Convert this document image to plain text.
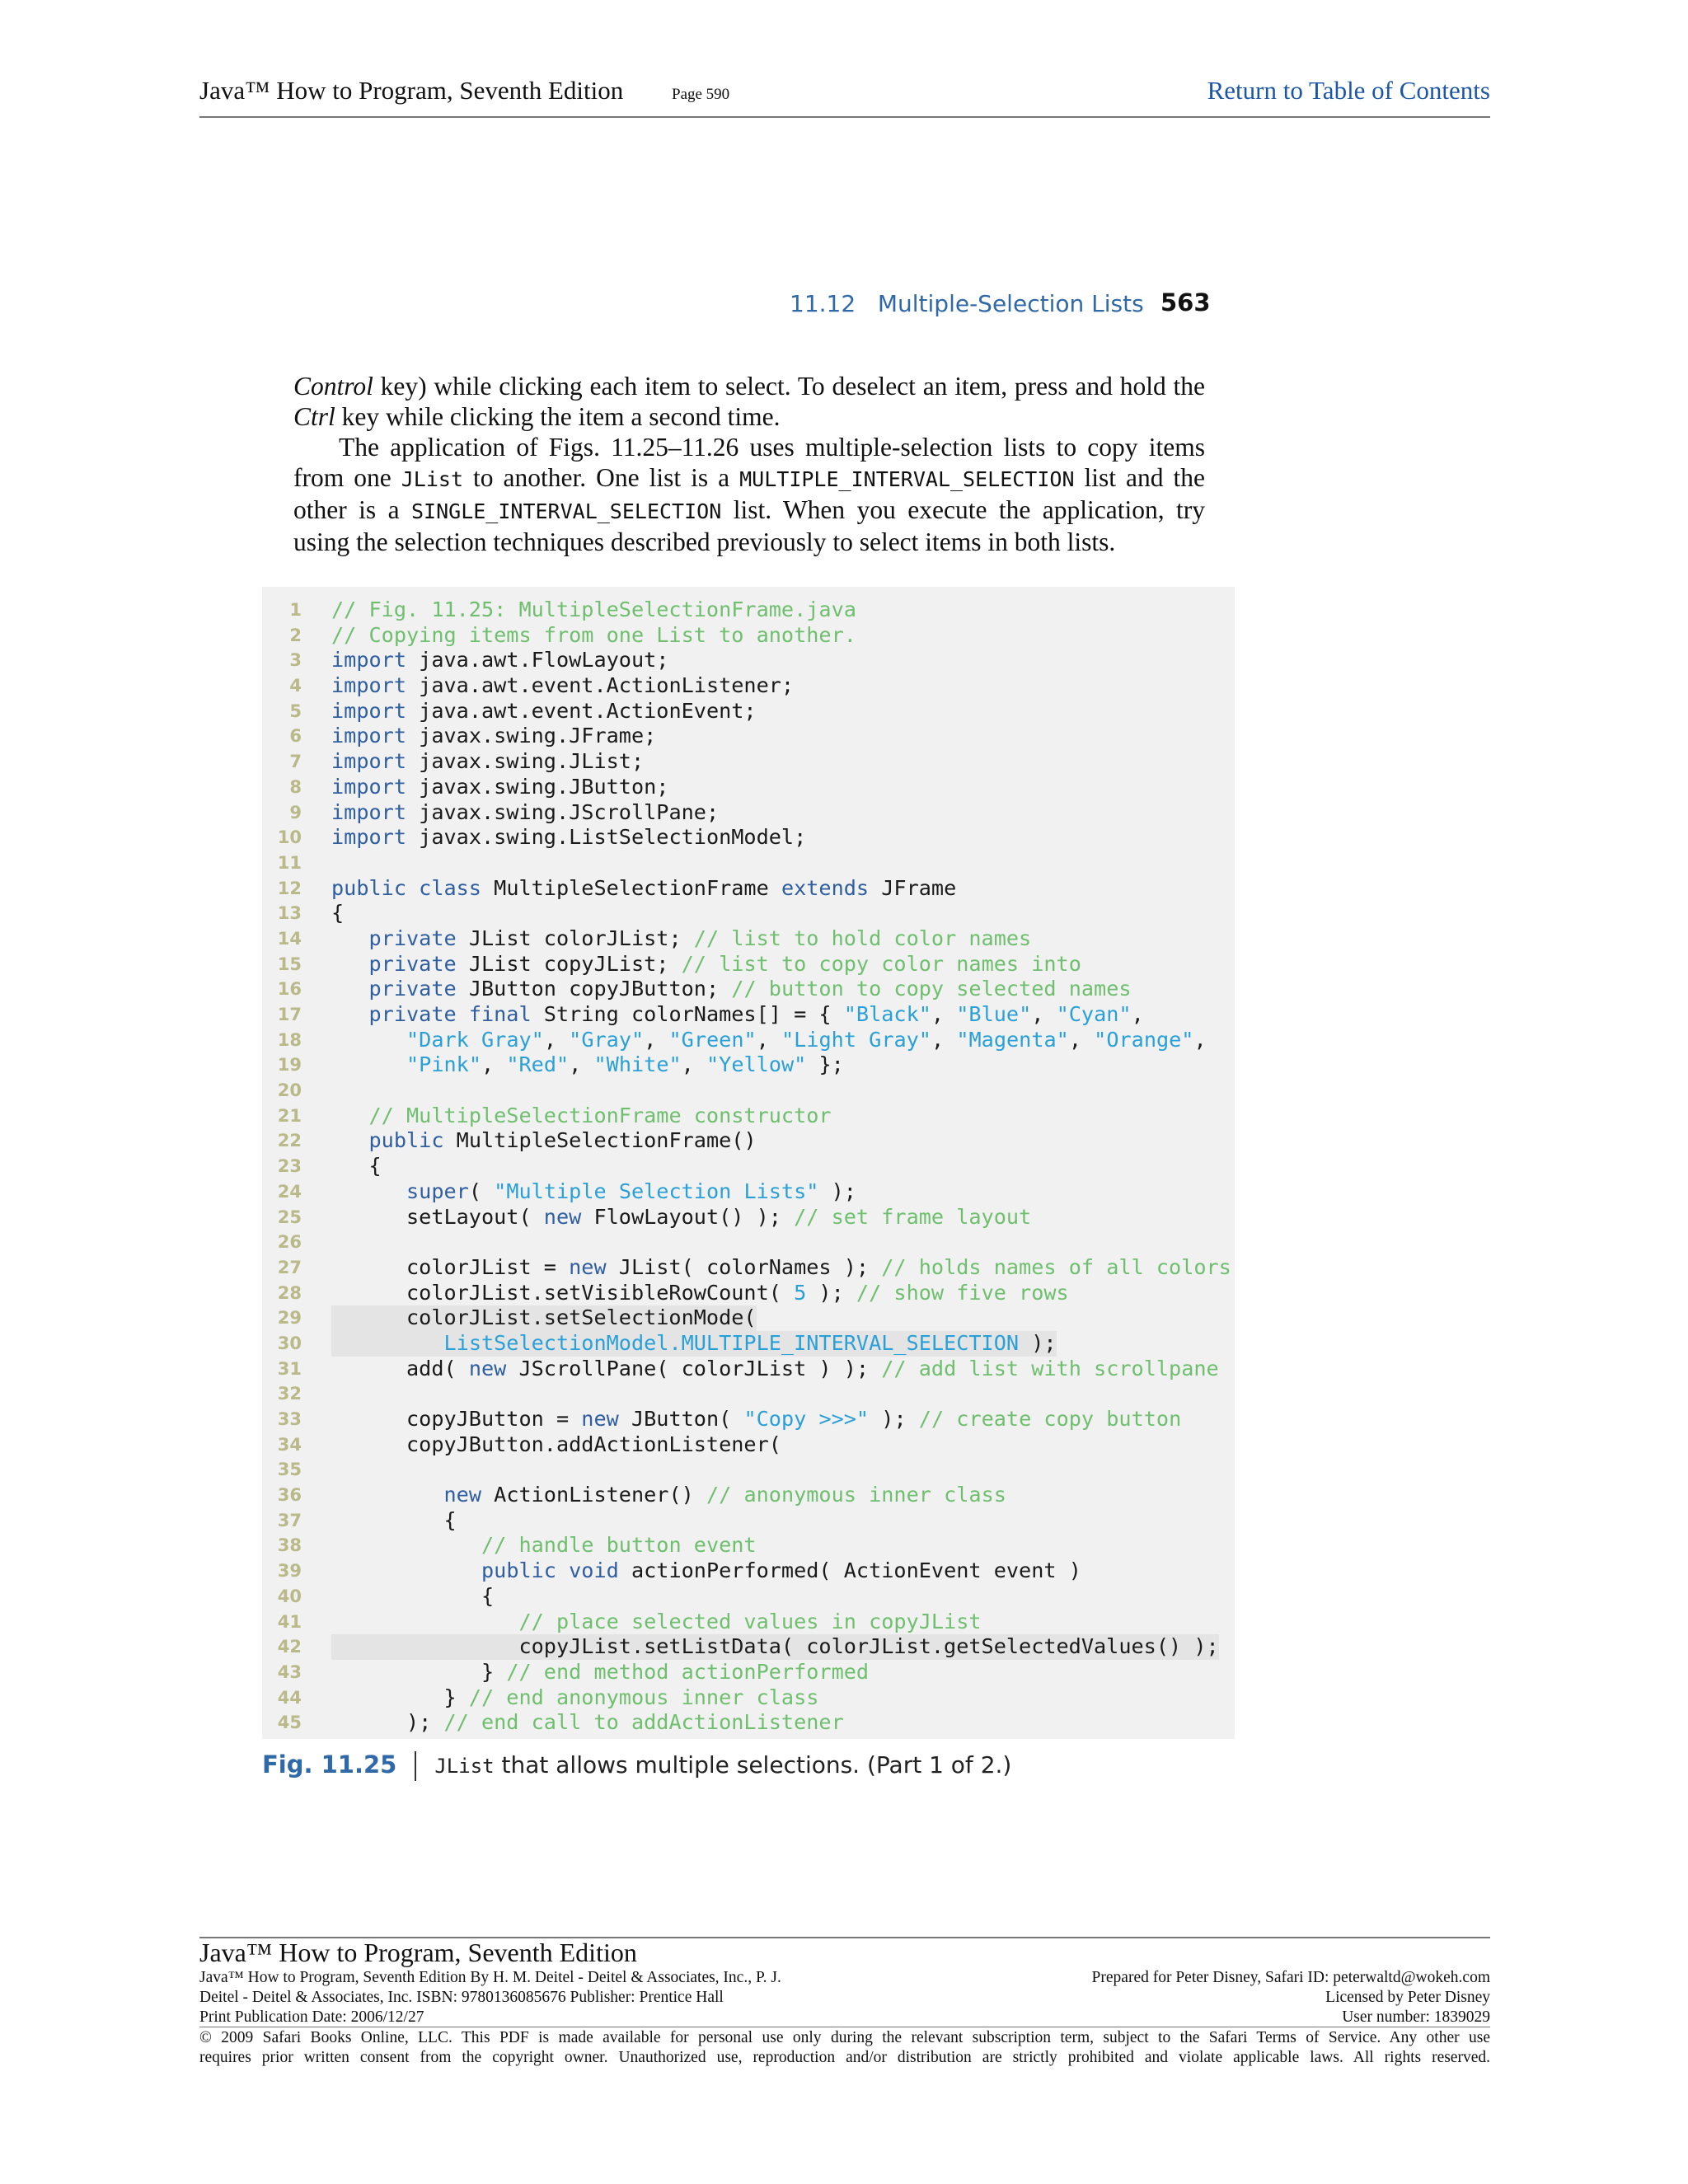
Java™ How to Program, Seventh Edition	Page 590	Return to Table of Contents
11.12   Multiple-Selection Lists 563

Control key) while clicking each item to select. To deselect an item, press and hold the Ctrl key while clicking the item a second time.

The application of Figs. 11.25–11.26 uses multiple-selection lists to copy items from one JList to another. One list is a MULTIPLE_INTERVAL_SELECTION list and the other is a SINGLE_INTERVAL_SELECTION list. When you execute the application, try using the selection techniques described previously to select items in both lists.

1 // Fig. 11.25: MultipleSelectionFrame.java
2 // Copying items from one List to another.
3 import java.awt.FlowLayout;
4 import java.awt.event.ActionListener;
5 import java.awt.event.ActionEvent;
6 import javax.swing.JFrame;
7 import javax.swing.JList;
8 import javax.swing.JButton;
9 import javax.swing.JScrollPane;
10 import javax.swing.ListSelectionModel;
11
12 public class MultipleSelectionFrame extends JFrame
13 {
14	private JList colorJList; // list to hold color names
15	private JList copyJList; // list to copy color names into
16	private JButton copyJButton; // button to copy selected names
17	private final String colorNames[] = { "Black", "Blue", "Cyan",
18	"Dark Gray", "Gray", "Green", "Light Gray", "Magenta", "Orange",
19	"Pink", "Red", "White", "Yellow" };
20
21	// MultipleSelectionFrame constructor
22	public MultipleSelectionFrame()
23 {
24	super( "Multiple Selection Lists" );
25 setLayout( new FlowLayout() ); // set frame layout
26
27 colorJList = new JList( colorNames ); // holds names of all colors
28 colorJList.setVisibleRowCount( 5 ); // show five rows
29 colorJList.setSelectionMode(
30	ListSelectionModel.MULTIPLE_INTERVAL_SELECTION );
31 add( new JScrollPane( colorJList ) ); // add list with scrollpane
32
33 copyJButton = new JButton( "Copy >>>" ); // create copy button
34 copyJButton.addActionListener(
35
36	new ActionListener() // anonymous inner class
37 {
38	// handle button event
39	public void actionPerformed( ActionEvent event )
40 {
41	// place selected values in copyJList
42 copyJList.setListData( colorJList.getSelectedValues() );
43 } // end method actionPerformed
44 } // end anonymous inner class
45 ); // end call to addActionListener
Fig. 11.25 JList that allows multiple selections. (Part 1 of 2.)
Java™ How to Program, Seventh Edition
Java™ How to Program, Seventh Edition By H. M. Deitel - Deitel & Associates, Inc., P. J.
Deitel - Deitel & Associates, Inc. ISBN: 9780136085676 Publisher: Prentice Hall
Print Publication Date: 2006/12/27
Prepared for Peter Disney, Safari ID: peterwaltd@wokeh.com
Licensed by Peter Disney
User number: 1839029
© 2009 Safari Books Online, LLC. This PDF is made available for personal use only during the relevant subscription term, subject to the Safari Terms of Service. Any other use
requires prior written consent from the copyright owner. Unauthorized use, reproduction and/or distribution are strictly prohibited and violate applicable laws. All rights reserved.
